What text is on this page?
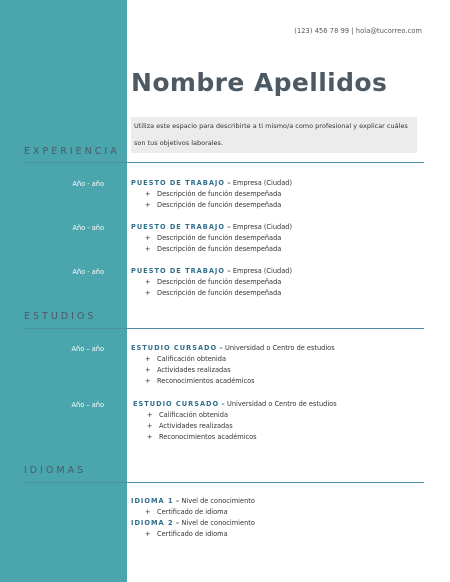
(123) 456 78 99 | hola@tucorreo.com
Nombre Apellidos
Utiliza este espacio para describirte a ti mismo/a como profesional y explicar cuáles son tus objetivos laborales.
EXPERIENCIA
Año - año	PUESTO DE TRABAJO – Empresa (Ciudad)
+ Descripción de función desempeñada
+ Descripción de función desempeñada
Año - año	PUESTO DE TRABAJO – Empresa (Ciudad)
+ Descripción de función desempeñada
+ Descripción de función desempeñada
Año - año	PUESTO DE TRABAJO – Empresa (Ciudad)
+ Descripción de función desempeñada
+ Descripción de función desempeñada
ESTUDIOS
Año – año	ESTUDIO CURSADO – Universidad o Centro de estudios
+ Calificación obtenida
+ Actividades realizadas
+ Reconocimientos académicos
Año – año	ESTUDIO CURSADO – Universidad o Centro de estudios
+ Calificación obtenida
+ Actividades realizadas
+ Reconocimientos académicos
IDIOMAS
IDIOMA 1 – Nivel de conocimiento
+ Certificado de idioma
IDIOMA 2 – Nivel de conocimiento
+ Certificado de idioma
